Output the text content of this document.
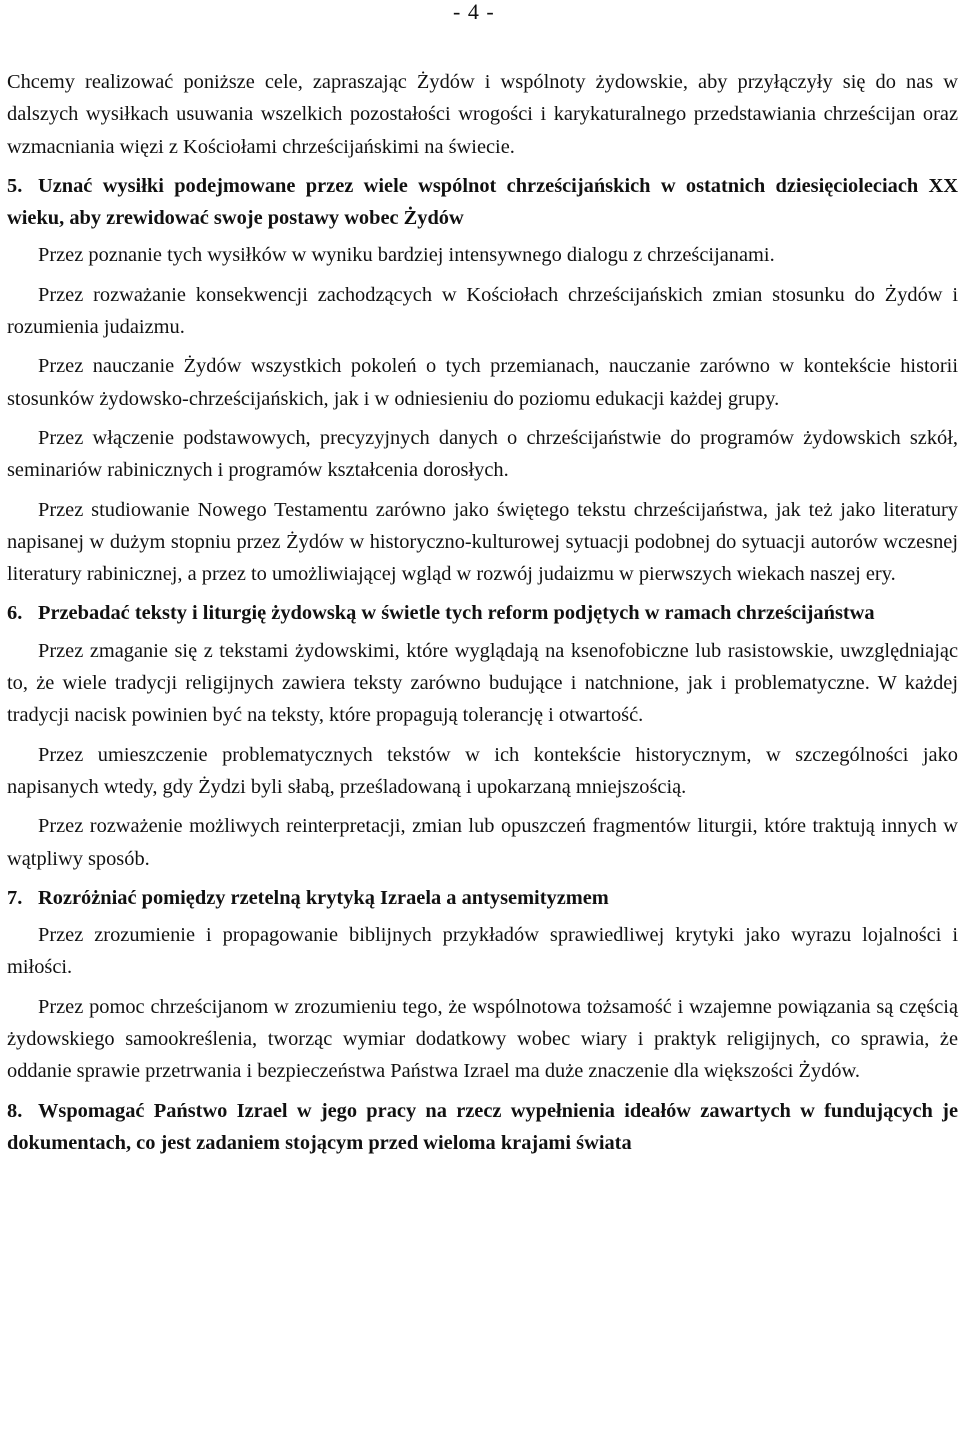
- 4 -

Chcemy realizować poniższe cele, zapraszając Żydów i wspólnoty żydowskie, aby przyłączyły się do nas w dalszych wysiłkach usuwania wszelkich pozostałości wrogości i karykaturalnego przedstawiania chrześcijan oraz wzmacniania więzi z Kościołami chrześcijańskimi na świecie.

5. Uznać wysiłki podejmowane przez wiele wspólnot chrześcijańskich w ostatnich dziesięcioleciach XX wieku, aby zrewidować swoje postawy wobec Żydów

Przez poznanie tych wysiłków w wyniku bardziej intensywnego dialogu z chrześcijanami.

Przez rozważanie konsekwencji zachodzących w Kościołach chrześcijańskich zmian stosunku do Żydów i rozumienia judaizmu.

Przez nauczanie Żydów wszystkich pokoleń o tych przemianach, nauczanie zarówno w kontekście historii stosunków żydowsko-chrześcijańskich, jak i w odniesieniu do poziomu edukacji każdej grupy.

Przez włączenie podstawowych, precyzyjnych danych o chrześcijaństwie do programów żydowskich szkół, seminariów rabinicznych i programów kształcenia dorosłych.

Przez studiowanie Nowego Testamentu zarówno jako świętego tekstu chrześcijaństwa, jak też jako literatury napisanej w dużym stopniu przez Żydów w historyczno-kulturowej sytuacji podobnej do sytuacji autorów wczesnej literatury rabinicznej, a przez to umożliwiającej wgląd w rozwój judaizmu w pierwszych wiekach naszej ery.

6. Przebadać teksty i liturgię żydowską w świetle tych reform podjętych w ramach chrześcijaństwa

Przez zmaganie się z tekstami żydowskimi, które wyglądają na ksenofobiczne lub rasistowskie, uwzględniając to, że wiele tradycji religijnych zawiera teksty zarówno budujące i natchnione, jak i problematyczne. W każdej tradycji nacisk powinien być na teksty, które propagują tolerancję i otwartość.

Przez umieszczenie problematycznych tekstów w ich kontekście historycznym, w szczególności jako napisanych wtedy, gdy Żydzi byli słabą, prześladowaną i upokarzaną mniejszością.

Przez rozważenie możliwych reinterpretacji, zmian lub opuszczeń fragmentów liturgii, które traktują innych w wątpliwy sposób.

7. Rozróżniać pomiędzy rzetelną krytyką Izraela a antysemityzmem

Przez zrozumienie i propagowanie biblijnych przykładów sprawiedliwej krytyki jako wyrazu lojalności i miłości.

Przez pomoc chrześcijanom w zrozumieniu tego, że wspólnotowa tożsamość i wzajemne powiązania są częścią żydowskiego samookreślenia, tworząc wymiar dodatkowy wobec wiary i praktyk religijnych, co sprawia, że oddanie sprawie przetrwania i bezpieczeństwa Państwa Izrael ma duże znaczenie dla większości Żydów.

8. Wspomagać Państwo Izrael w jego pracy na rzecz wypełnienia ideałów zawartych w fundujących je dokumentach, co jest zadaniem stojącym przed wieloma krajami świata
